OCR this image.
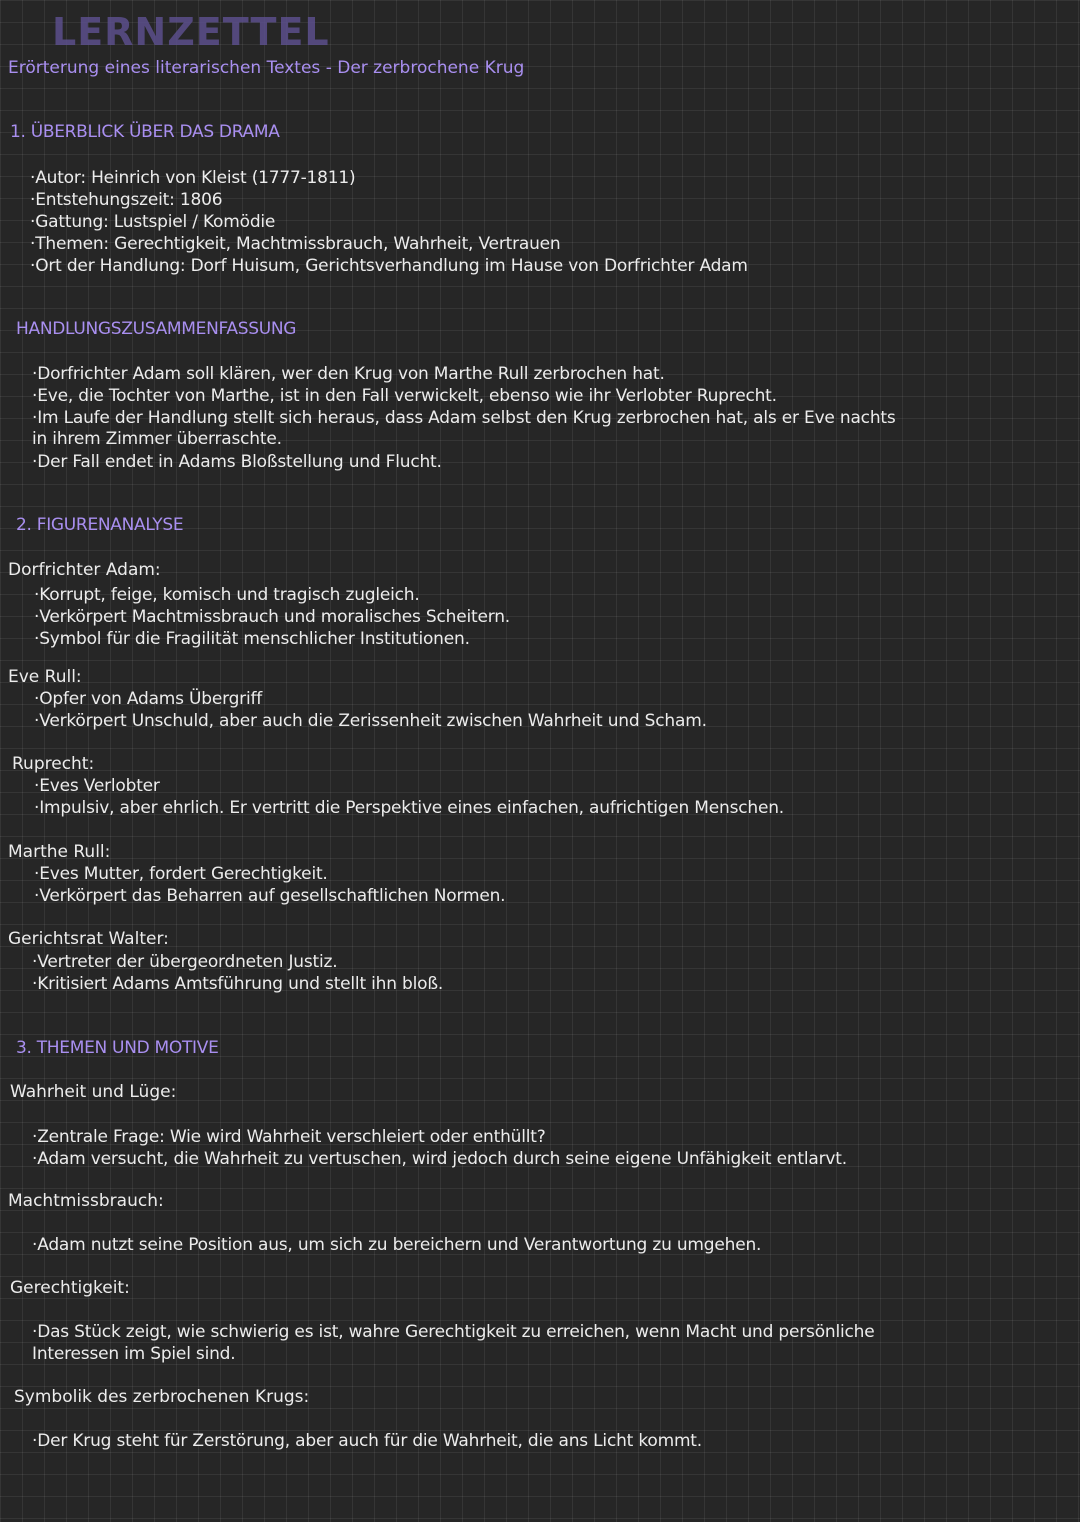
LERNZETTEL
Erörterung eines literarischen Textes - Der zerbrochene Krug
1. ÜBERBLICK ÜBER DAS DRAMA
·Autor: Heinrich von Kleist (1777-1811)
·Entstehungszeit: 1806
·Gattung: Lustspiel / Komödie
·Themen: Gerechtigkeit, Machtmissbrauch, Wahrheit, Vertrauen
·Ort der Handlung: Dorf Huisum, Gerichtsverhandlung im Hause von Dorfrichter Adam
HANDLUNGSZUSAMMENFASSUNG
·Dorfrichter Adam soll klären, wer den Krug von Marthe Rull zerbrochen hat.
·Eve, die Tochter von Marthe, ist in den Fall verwickelt, ebenso wie ihr Verlobter Ruprecht.
·Im Laufe der Handlung stellt sich heraus, dass Adam selbst den Krug zerbrochen hat, als er Eve nachts
in ihrem Zimmer überraschte.
·Der Fall endet in Adams Bloßstellung und Flucht.
2. FIGURENANALYSE
Dorfrichter Adam:
·Korrupt, feige, komisch und tragisch zugleich.
·Verkörpert Machtmissbrauch und moralisches Scheitern.
·Symbol für die Fragilität menschlicher Institutionen.
Eve Rull:
·Opfer von Adams Übergriff
·Verkörpert Unschuld, aber auch die Zerissenheit zwischen Wahrheit und Scham.
Ruprecht:
·Eves Verlobter
·Impulsiv, aber ehrlich. Er vertritt die Perspektive eines einfachen, aufrichtigen Menschen.
Marthe Rull:
·Eves Mutter, fordert Gerechtigkeit.
·Verkörpert das Beharren auf gesellschaftlichen Normen.
Gerichtsrat Walter:
·Vertreter der übergeordneten Justiz.
·Kritisiert Adams Amtsführung und stellt ihn bloß.
3. THEMEN UND MOTIVE
Wahrheit und Lüge:
·Zentrale Frage: Wie wird Wahrheit verschleiert oder enthüllt?
·Adam versucht, die Wahrheit zu vertuschen, wird jedoch durch seine eigene Unfähigkeit entlarvt.
Machtmissbrauch:
·Adam nutzt seine Position aus, um sich zu bereichern und Verantwortung zu umgehen.
Gerechtigkeit:
·Das Stück zeigt, wie schwierig es ist, wahre Gerechtigkeit zu erreichen, wenn Macht und persönliche
Interessen im Spiel sind.
Symbolik des zerbrochenen Krugs:
·Der Krug steht für Zerstörung, aber auch für die Wahrheit, die ans Licht kommt.
